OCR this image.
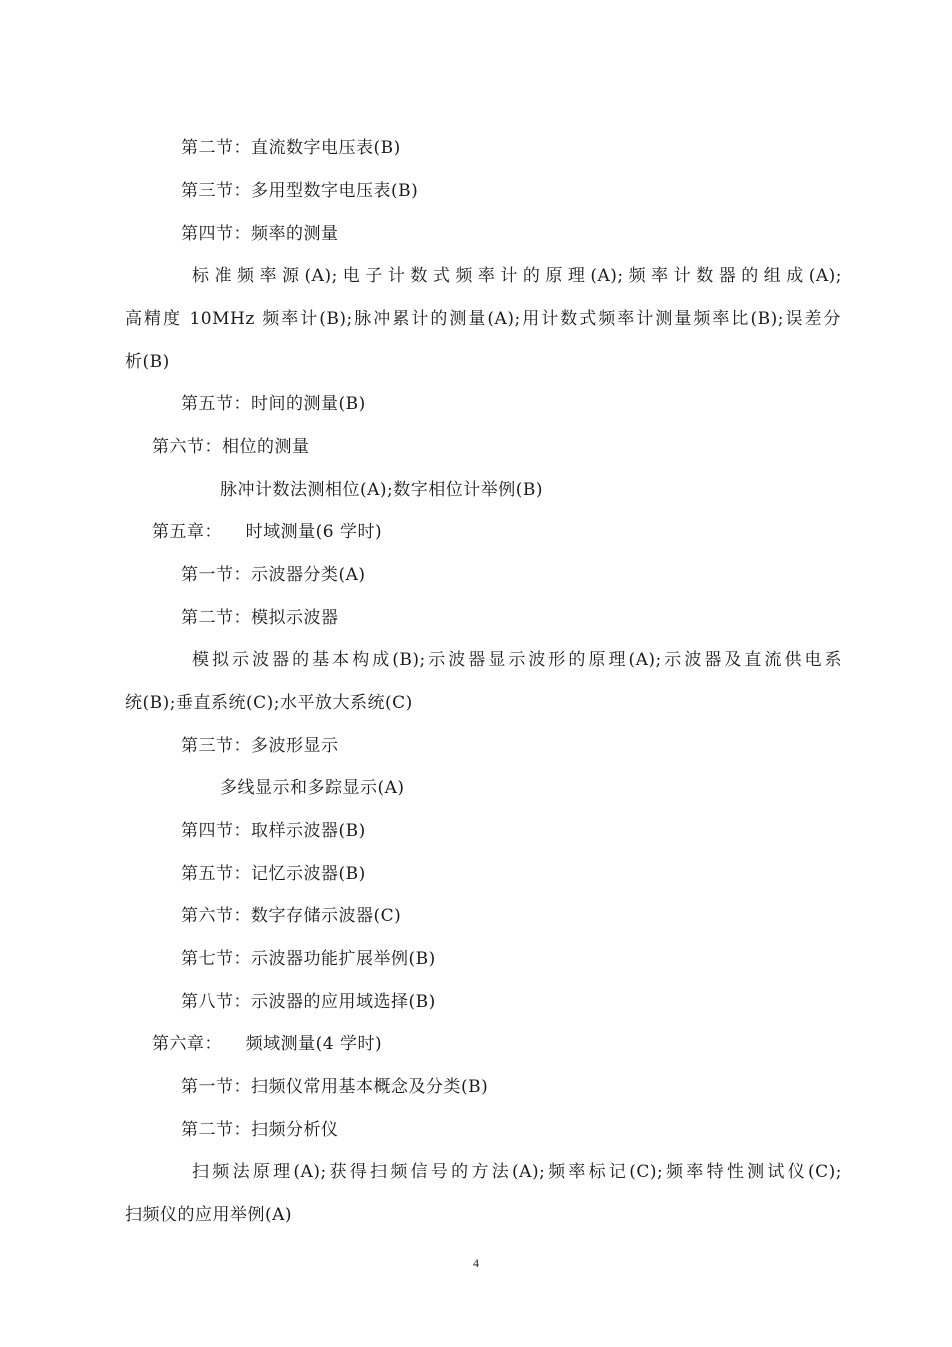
第二节：直流数字电压表(B)
第三节：多用型数字电压表(B)
第四节：频率的测量
标准频率源(A);电子计数式频率计的原理(A);频率计数器的组成(A);
高精度 10MHz 频率计(B);脉冲累计的测量(A);用计数式频率计测量频率比(B);误差分
析(B)
第五节：时间的测量(B)
第六节：相位的测量
脉冲计数法测相位(A);数字相位计举例(B)
第五章：    时域测量(6 学时)
第一节：示波器分类(A)
第二节：模拟示波器
模拟示波器的基本构成(B);示波器显示波形的原理(A);示波器及直流供电系
统(B);垂直系统(C);水平放大系统(C)
第三节：多波形显示
多线显示和多踪显示(A)
第四节：取样示波器(B)
第五节：记忆示波器(B)
第六节：数字存储示波器(C)
第七节：示波器功能扩展举例(B)
第八节：示波器的应用域选择(B)
第六章：    频域测量(4 学时)
第一节：扫频仪常用基本概念及分类(B)
第二节：扫频分析仪
扫频法原理(A);获得扫频信号的方法(A);频率标记(C);频率特性测试仪(C);
扫频仪的应用举例(A)
4
